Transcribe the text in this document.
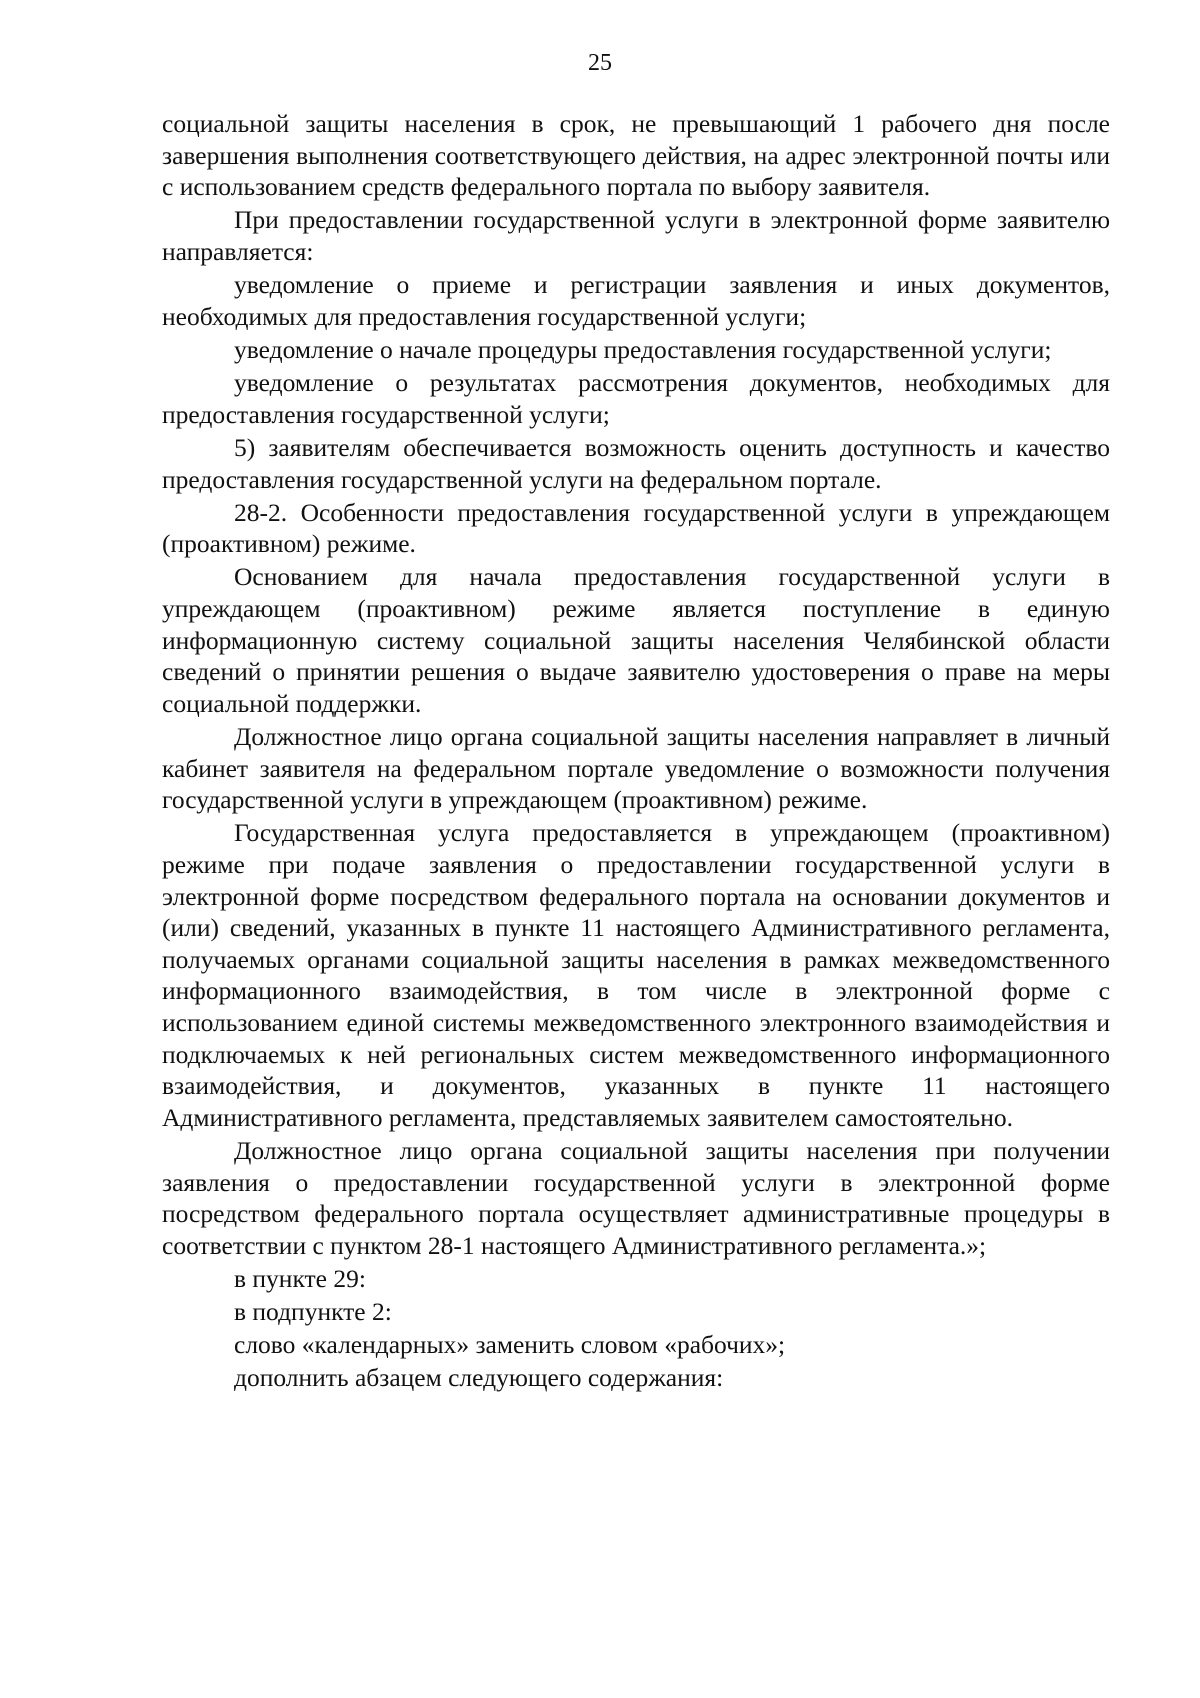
25

социальной защиты населения в срок, не превышающий 1 рабочего дня после завершения выполнения соответствующего действия, на адрес электронной почты или с использованием средств федерального портала по выбору заявителя.

При предоставлении государственной услуги в электронной форме заявителю направляется:

уведомление о приеме и регистрации заявления и иных документов, необходимых для предоставления государственной услуги;

уведомление о начале процедуры предоставления государственной услуги;

уведомление о результатах рассмотрения документов, необходимых для предоставления государственной услуги;

5) заявителям обеспечивается возможность оценить доступность и качество предоставления государственной услуги на федеральном портале.

28-2. Особенности предоставления государственной услуги в упреждающем (проактивном) режиме.

Основанием для начала предоставления государственной услуги в упреждающем (проактивном) режиме является поступление в единую информационную систему социальной защиты населения Челябинской области сведений о принятии решения о выдаче заявителю удостоверения о праве на меры социальной поддержки.

Должностное лицо органа социальной защиты населения направляет в личный кабинет заявителя на федеральном портале уведомление о возможности получения государственной услуги в упреждающем (проактивном) режиме.

Государственная услуга предоставляется в упреждающем (проактивном) режиме при подаче заявления о предоставлении государственной услуги в электронной форме посредством федерального портала на основании документов и (или) сведений, указанных в пункте 11 настоящего Административного регламента, получаемых органами социальной защиты населения в рамках межведомственного информационного взаимодействия, в том числе в электронной форме с использованием единой системы межведомственного электронного взаимодействия и подключаемых к ней региональных систем межведомственного информационного взаимодействия, и документов, указанных в пункте 11 настоящего Административного регламента, представляемых заявителем самостоятельно.

Должностное лицо органа социальной защиты населения при получении заявления о предоставлении государственной услуги в электронной форме посредством федерального портала осуществляет административные процедуры в соответствии с пунктом 28-1 настоящего Административного регламента.»;

в пункте 29:

в подпункте 2:

слово «календарных» заменить словом «рабочих»;

дополнить абзацем следующего содержания:
